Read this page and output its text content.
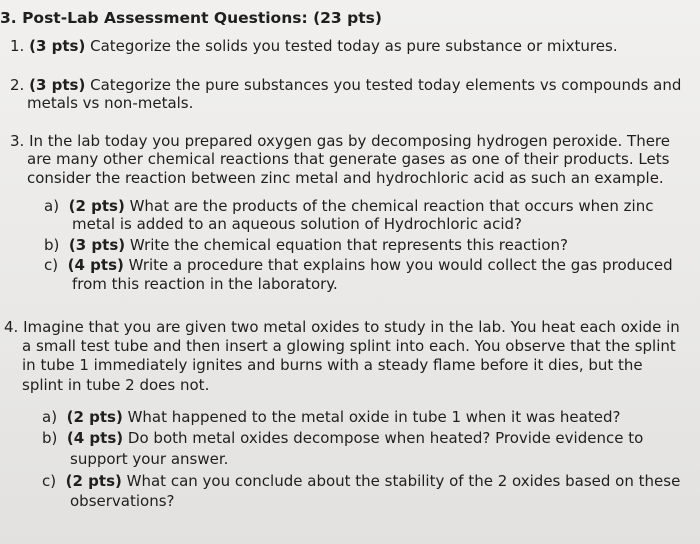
3. Post-Lab Assessment Questions: (23 pts)
1. (3 pts) Categorize the solids you tested today as pure substance or mixtures.
2. (3 pts) Categorize the pure substances you tested today elements vs compounds and
metals vs non-metals.
3. In the lab today you prepared oxygen gas by decomposing hydrogen peroxide. There
are many other chemical reactions that generate gases as one of their products. Lets
consider the reaction between zinc metal and hydrochloric acid as such an example.
a) (2 pts) What are the products of the chemical reaction that occurs when zinc
metal is added to an aqueous solution of Hydrochloric acid?
b) (3 pts) Write the chemical equation that represents this reaction?
c) (4 pts) Write a procedure that explains how you would collect the gas produced
from this reaction in the laboratory.
4. Imagine that you are given two metal oxides to study in the lab. You heat each oxide in
a small test tube and then insert a glowing splint into each. You observe that the splint
in tube 1 immediately ignites and burns with a steady flame before it dies, but the
splint in tube 2 does not.
a) (2 pts) What happened to the metal oxide in tube 1 when it was heated?
b) (4 pts) Do both metal oxides decompose when heated? Provide evidence to
support your answer.
c) (2 pts) What can you conclude about the stability of the 2 oxides based on these
observations?
